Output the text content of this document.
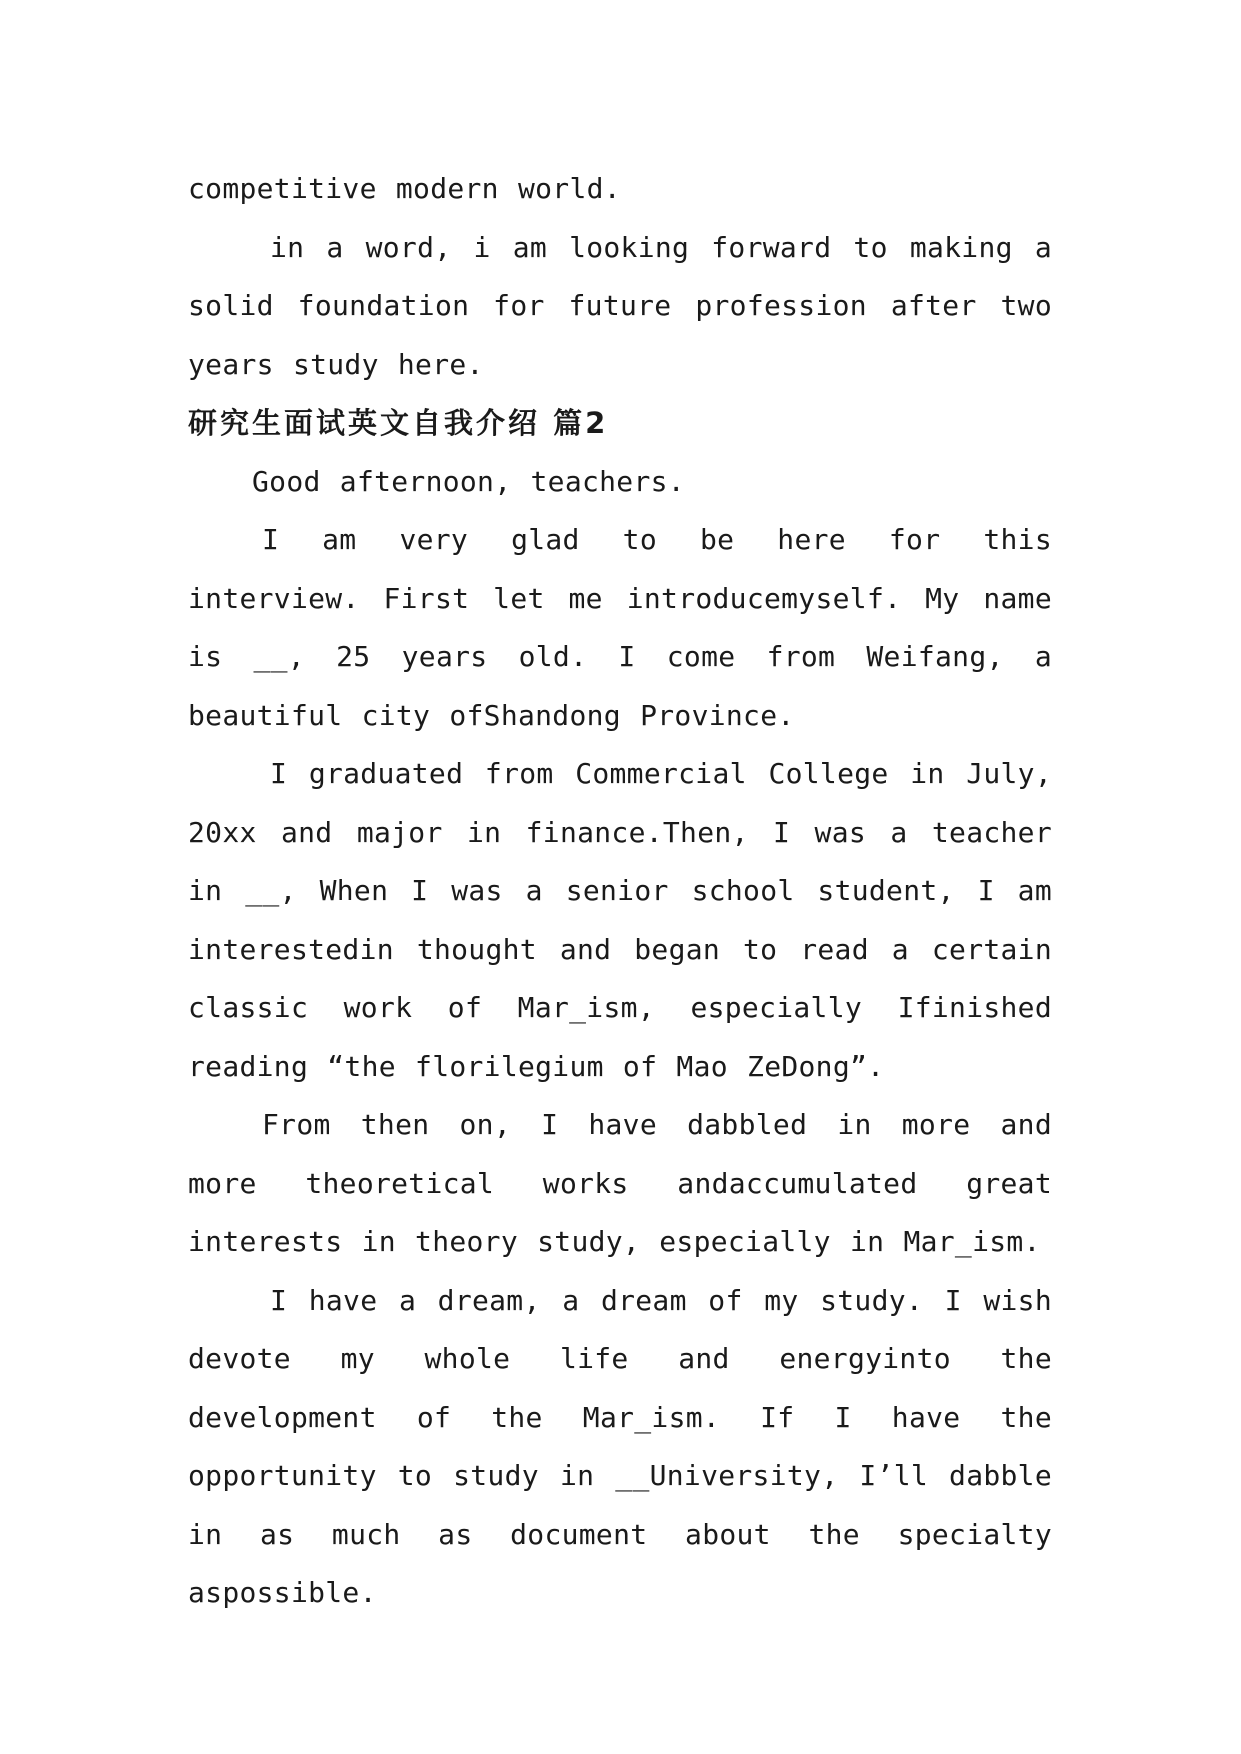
competitive modern world.

in a word, i am looking forward to making a solid foundation for future profession after two years study here.

研究生面试英文自我介绍 篇2

Good afternoon, teachers.

I am very glad to be here for this interview. First let me introducemyself. My name is __, 25 years old. I come from Weifang, a beautiful city ofShandong Province.

I graduated from Commercial College in July, 20xx and major in finance.Then, I was a teacher in __, When I was a senior school student, I am interestedin thought and began to read a certain classic work of Mar_ism, especially Ifinished reading “the florilegium of Mao ZeDong”.

From then on, I have dabbled in more and more theoretical works andaccumulated great interests in theory study, especially in Mar_ism.

I have a dream, a dream of my study. I wish devote my whole life and energyinto the development of the Mar_ism. If I have the opportunity to study in __University, I’ll dabble in as much as document about the specialty aspossible.
